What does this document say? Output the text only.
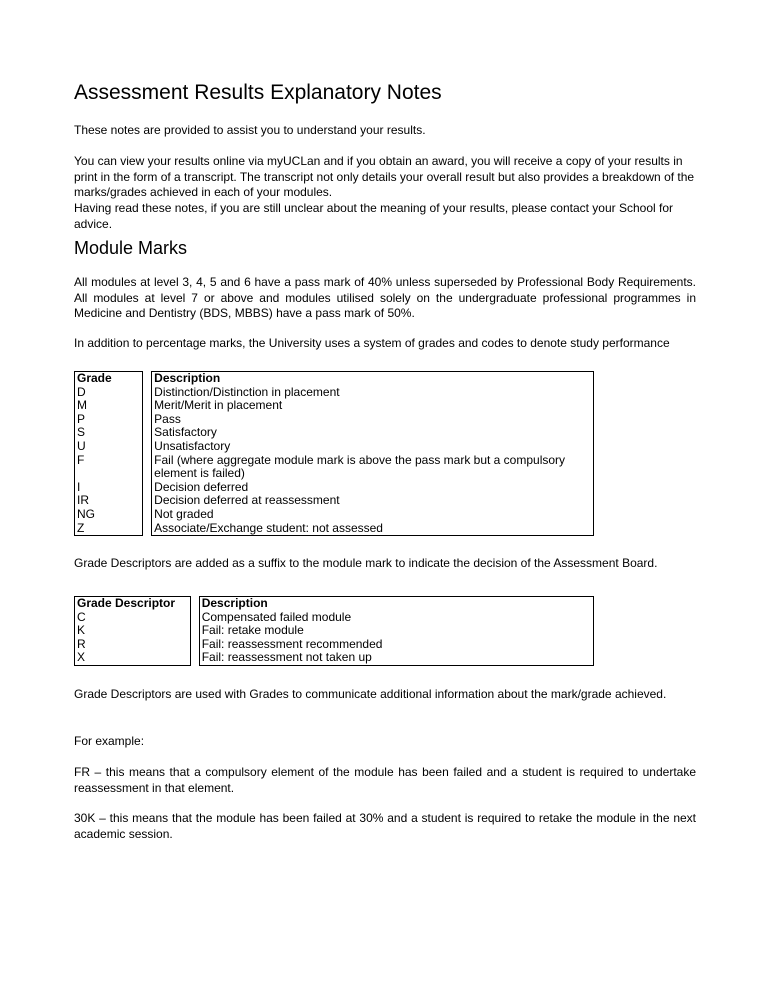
Assessment Results Explanatory Notes

These notes are provided to assist you to understand your results.

You can view your results online via myUCLan and if you obtain an award, you will receive a copy of your results in print in the form of a transcript. The transcript not only details your overall result but also provides a breakdown of the marks/grades achieved in each of your modules.

Having read these notes, if you are still unclear about the meaning of your results, please contact your School for advice.

Module Marks

All modules at level 3, 4, 5 and 6 have a pass mark of 40% unless superseded by Professional Body Requirements. All modules at level 7 or above and modules utilised solely on the undergraduate professional programmes in Medicine and Dentistry (BDS, MBBS) have a pass mark of 50%.

In addition to percentage marks, the University uses a system of grades and codes to denote study performance

Grade		Description
D		Distinction/Distinction in placement
M		Merit/Merit in placement
P		Pass
S		Satisfactory
U		Unsatisfactory
F		Fail (where aggregate module mark is above the pass mark but a compulsory element is failed)
I		Decision deferred
IR		Decision deferred at reassessment
NG		Not graded
Z		Associate/Exchange student: not assessed

Grade Descriptors are added as a suffix to the module mark to indicate the decision of the Assessment Board.

Grade Descriptor		Description
C		Compensated failed module
K		Fail: retake module
R		Fail: reassessment recommended
X		Fail: reassessment not taken up

Grade Descriptors are used with Grades to communicate additional information about the mark/grade achieved.

For example:

FR – this means that a compulsory element of the module has been failed and a student is required to undertake reassessment in that element.

30K – this means that the module has been failed at 30% and a student is required to retake the module in the next academic session.
